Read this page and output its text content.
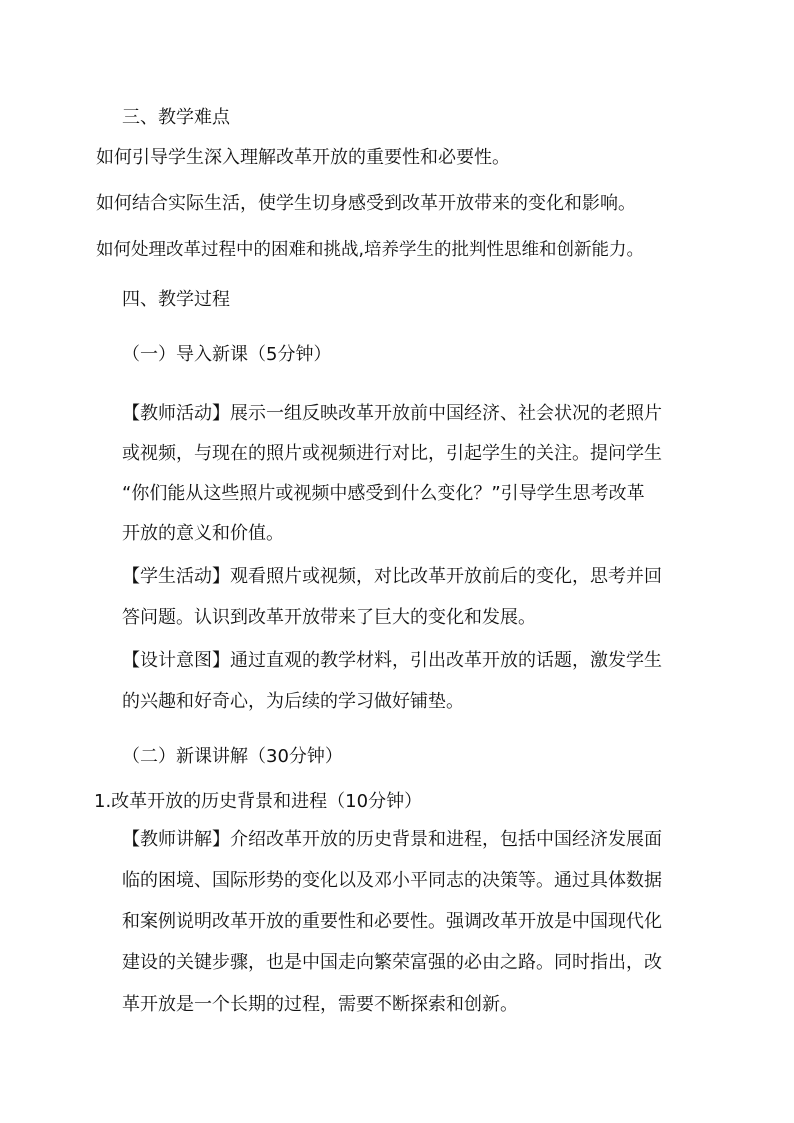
三、教学难点
如何引导学生深入理解改革开放的重要性和必要性。
如何结合实际生活，使学生切身感受到改革开放带来的变化和影响。
如何处理改革过程中的困难和挑战,培养学生的批判性思维和创新能力。
四、教学过程
（一）导入新课（5分钟）
【教师活动】展示一组反映改革开放前中国经济、社会状况的老照片
或视频，与现在的照片或视频进行对比，引起学生的关注。提问学生
“你们能从这些照片或视频中感受到什么变化？”引导学生思考改革
开放的意义和价值。
【学生活动】观看照片或视频，对比改革开放前后的变化，思考并回
答问题。认识到改革开放带来了巨大的变化和发展。
【设计意图】通过直观的教学材料，引出改革开放的话题，激发学生
的兴趣和好奇心，为后续的学习做好铺垫。
（二）新课讲解（30分钟）
1.改革开放的历史背景和进程（10分钟）
【教师讲解】介绍改革开放的历史背景和进程，包括中国经济发展面
临的困境、国际形势的变化以及邓小平同志的决策等。通过具体数据
和案例说明改革开放的重要性和必要性。强调改革开放是中国现代化
建设的关键步骤，也是中国走向繁荣富强的必由之路。同时指出，改
革开放是一个长期的过程，需要不断探索和创新。
